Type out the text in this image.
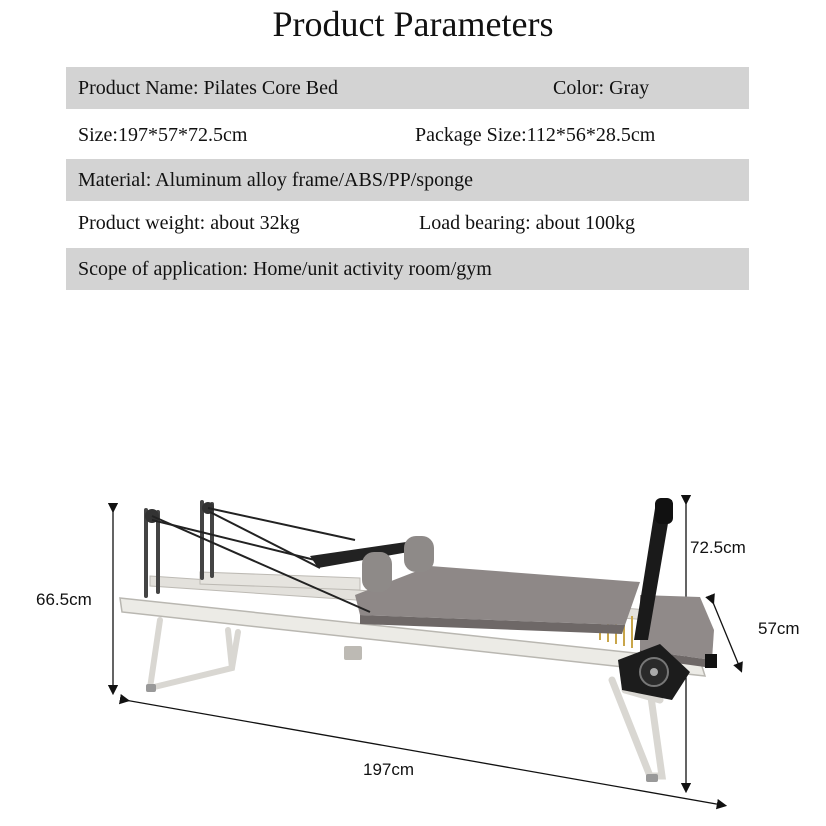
Product Parameters
Product Name: Pilates Core Bed	Color: Gray
Size:197*57*72.5cm	Package Size:112*56*28.5cm
Material: Aluminum alloy frame/ABS/PP/sponge
Product weight: about 32kg	Load bearing: about 100kg
Scope of application: Home/unit activity room/gym
66.5cm
72.5cm
57cm
197cm
